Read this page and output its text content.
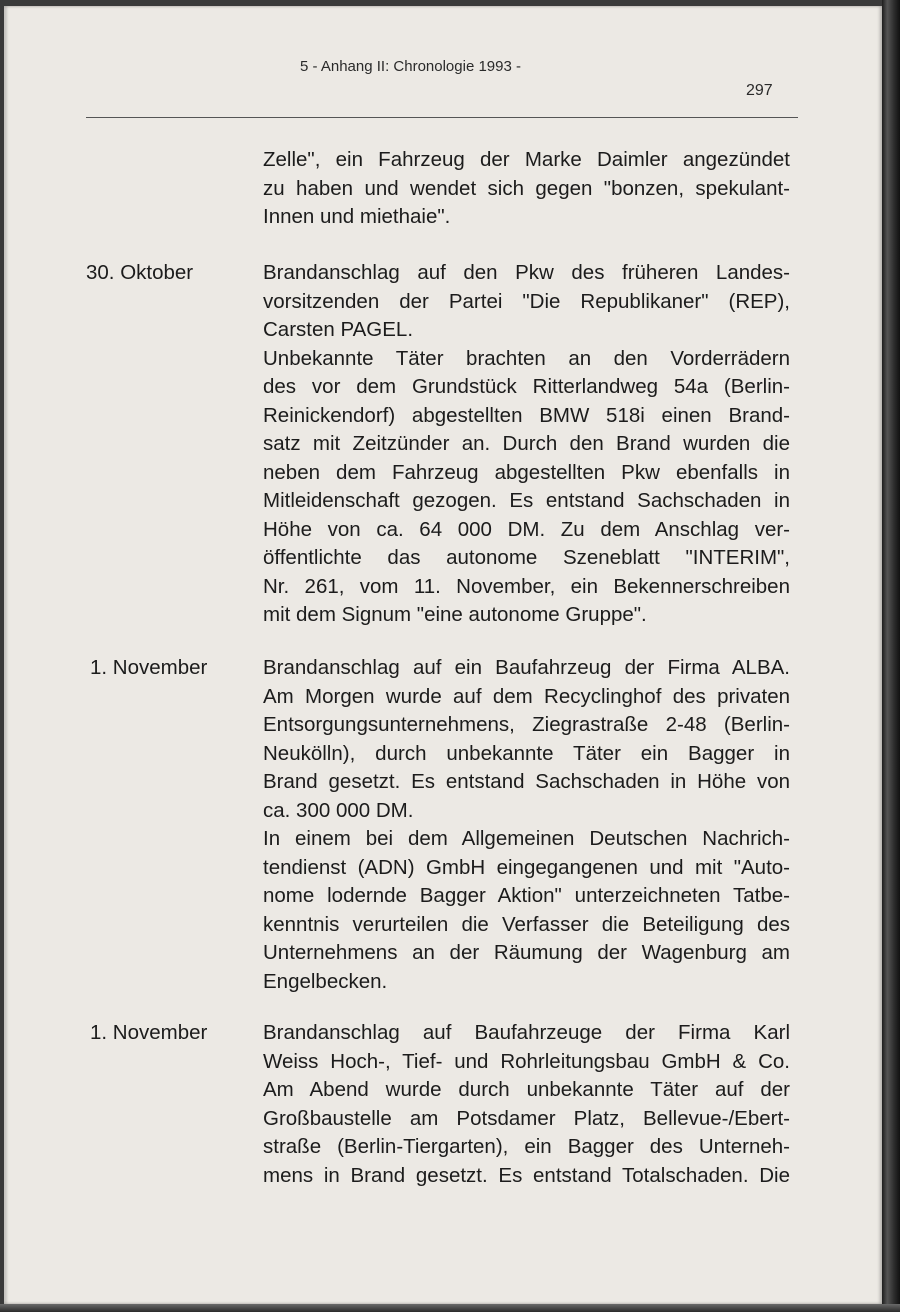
5 - Anhang II: Chronologie 1993 -
297
Zelle", ein Fahrzeug der Marke Daimler angezündet
zu haben und wendet sich gegen "bonzen, spekulant-
Innen und miethaie".
30. Oktober	Brandanschlag auf den Pkw des früheren Landes-
vorsitzenden der Partei "Die Republikaner" (REP),
Carsten PAGEL.
Unbekannte Täter brachten an den Vorderrädern
des vor dem Grundstück Ritterlandweg 54a (Berlin-
Reinickendorf) abgestellten BMW 518i einen Brand-
satz mit Zeitzünder an. Durch den Brand wurden die
neben dem Fahrzeug abgestellten Pkw ebenfalls in
Mitleidenschaft gezogen. Es entstand Sachschaden in
Höhe von ca. 64 000 DM. Zu dem Anschlag ver-
öffentlichte das autonome Szeneblatt "INTERIM",
Nr. 261, vom 11. November, ein Bekennerschreiben
mit dem Signum "eine autonome Gruppe".
1. November	Brandanschlag auf ein Baufahrzeug der Firma ALBA.
Am Morgen wurde auf dem Recyclinghof des privaten
Entsorgungsunternehmens, Ziegrastraße 2-48 (Berlin-
Neukölln), durch unbekannte Täter ein Bagger in
Brand gesetzt. Es entstand Sachschaden in Höhe von
ca. 300 000 DM.
In einem bei dem Allgemeinen Deutschen Nachrich-
tendienst (ADN) GmbH eingegangenen und mit "Auto-
nome lodernde Bagger Aktion" unterzeichneten Tatbe-
kenntnis verurteilen die Verfasser die Beteiligung des
Unternehmens an der Räumung der Wagenburg am
Engelbecken.
1. November	Brandanschlag auf Baufahrzeuge der Firma Karl
Weiss Hoch-, Tief- und Rohrleitungsbau GmbH & Co.
Am Abend wurde durch unbekannte Täter auf der
Großbaustelle am Potsdamer Platz, Bellevue-/Ebert-
straße (Berlin-Tiergarten), ein Bagger des Unterneh-
mens in Brand gesetzt. Es entstand Totalschaden. Die
